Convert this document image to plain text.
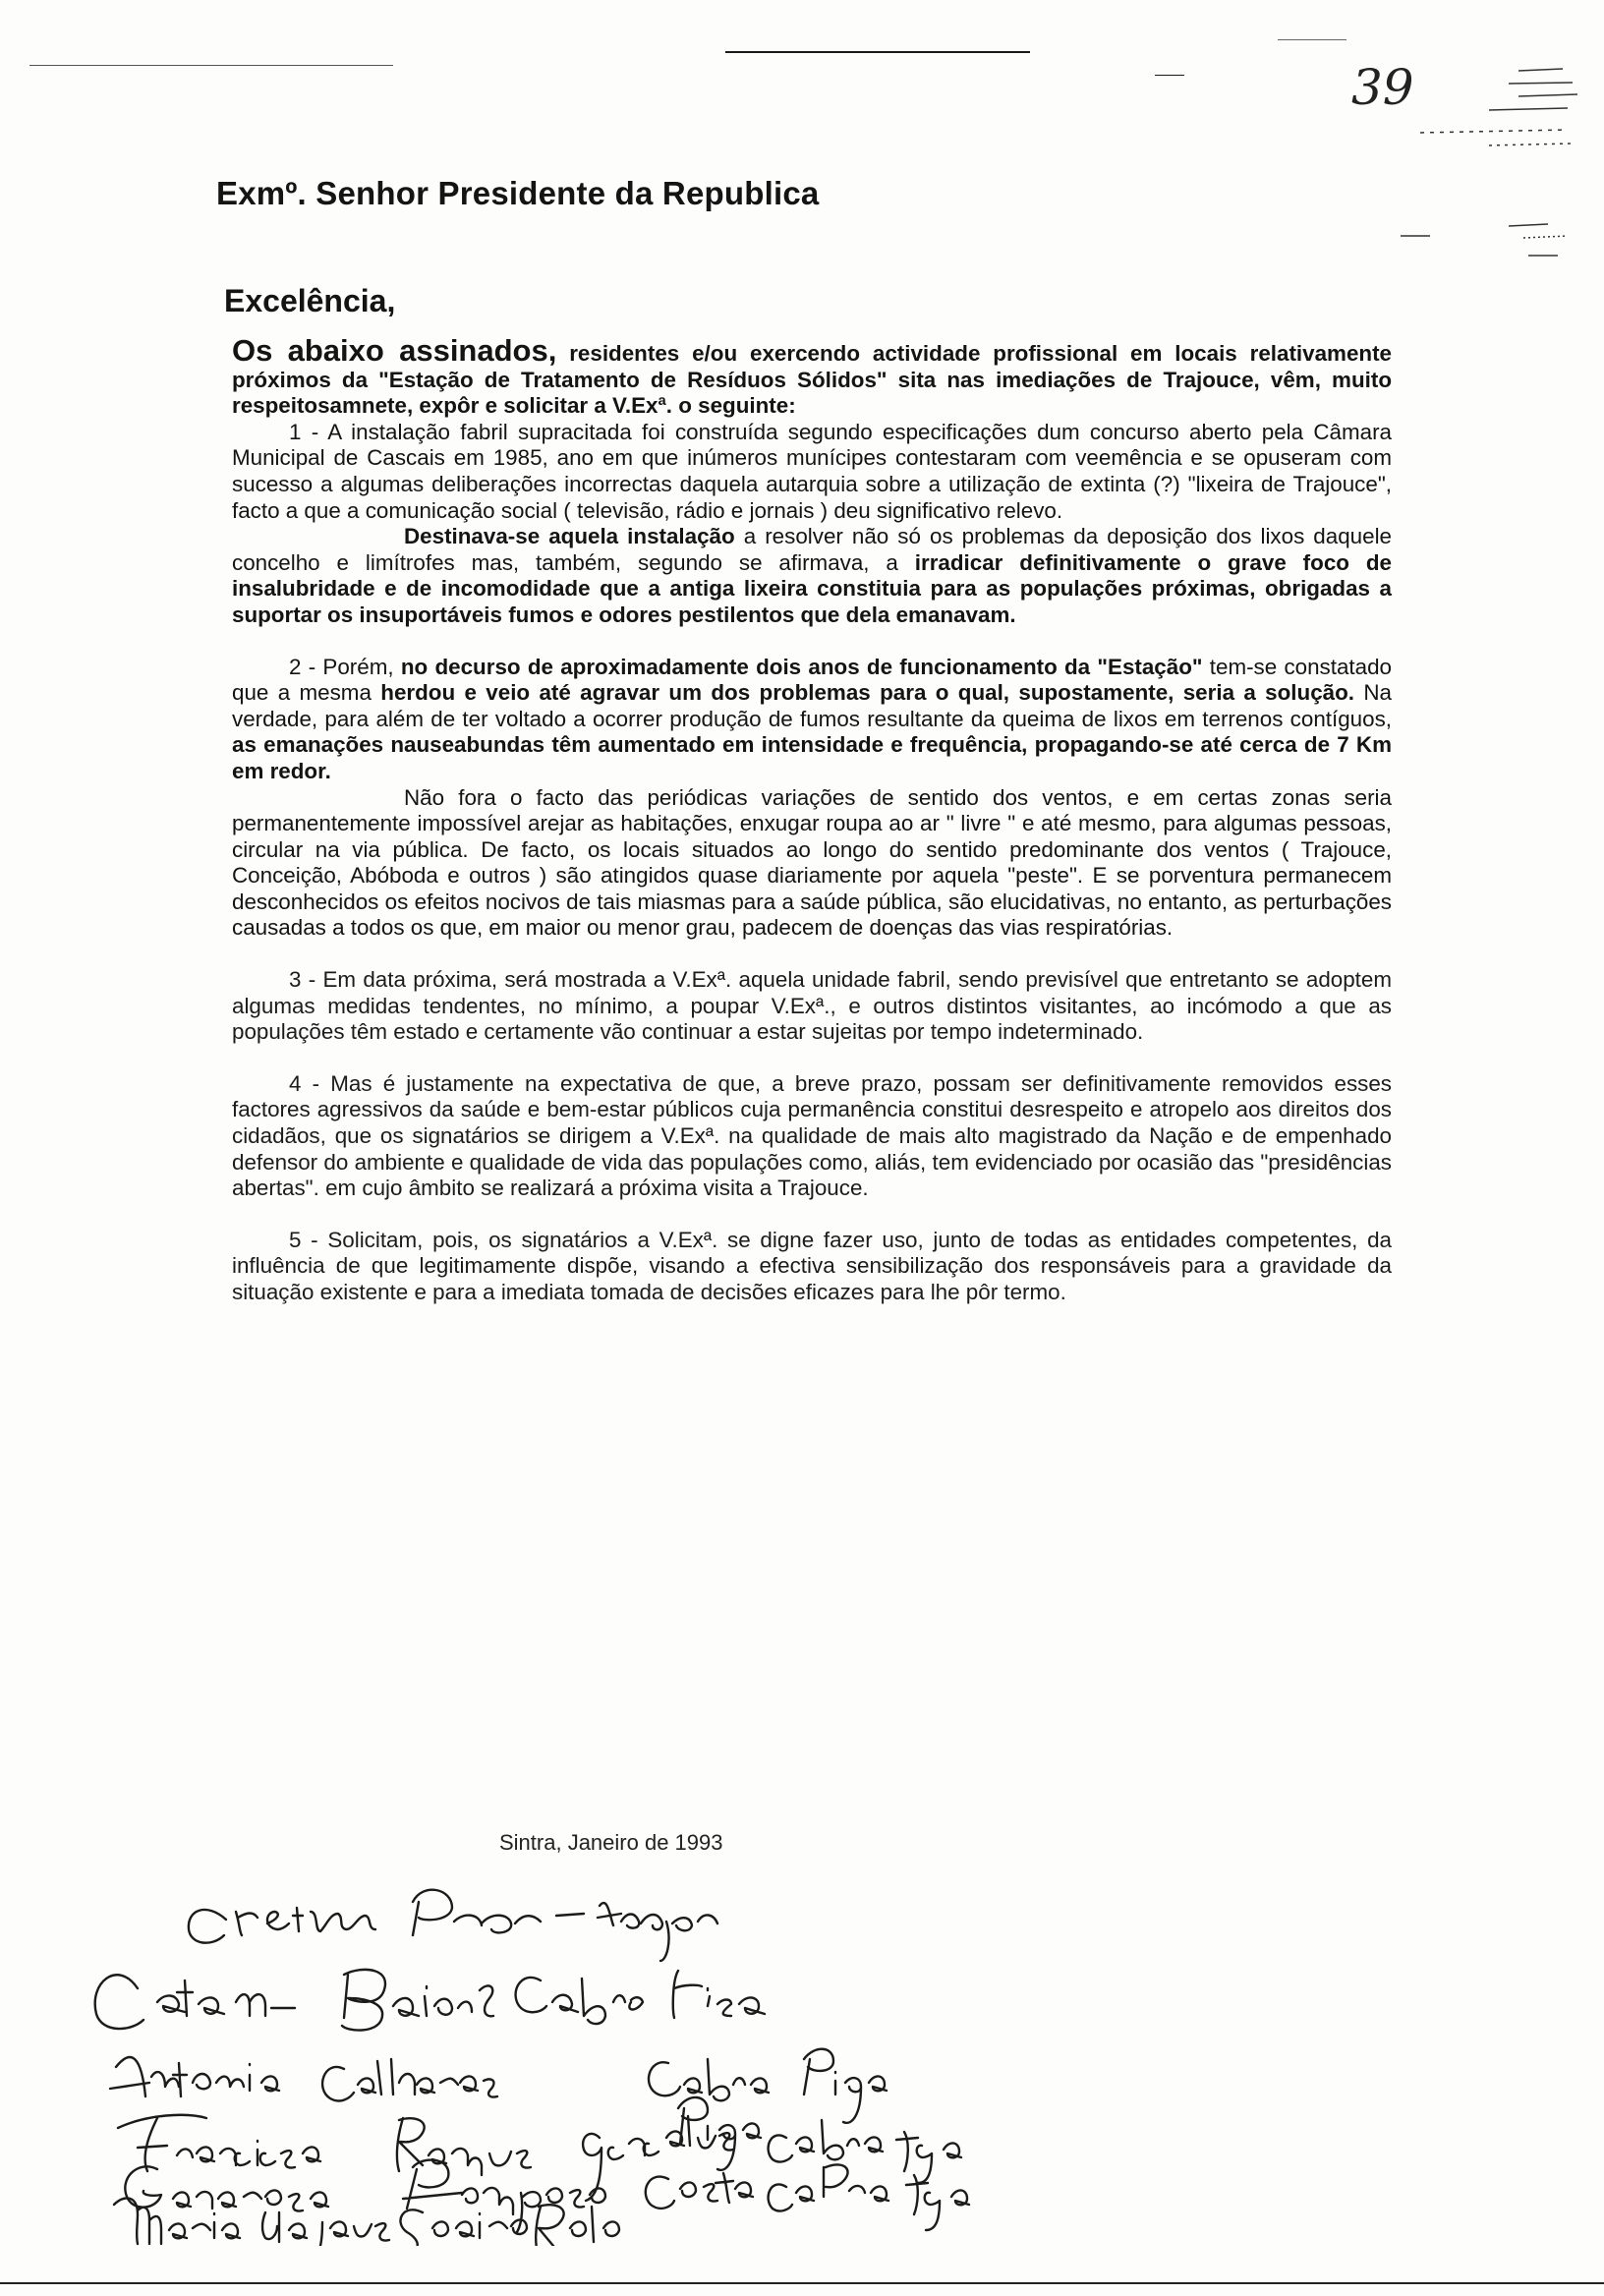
39
Exmº. Senhor Presidente da Republica
Excelência,

Os abaixo assinados, residentes e/ou exercendo actividade profissional em locais relativamente próximos da "Estação de Tratamento de Resíduos Sólidos" sita nas imediações de Trajouce, vêm, muito respeitosamnete, expôr e solicitar a V.Exª. o seguinte:

1 - A instalação fabril supracitada foi construída segundo especificações dum concurso aberto pela Câmara Municipal de Cascais em 1985, ano em que inúmeros munícipes contestaram com veemência e se opuseram com sucesso a algumas deliberações incorrectas daquela autarquia sobre a utilização de extinta (?) "lixeira de Trajouce", facto a que a comunicação social ( televisão, rádio e jornais ) deu significativo relevo.

Destinava-se aquela instalação a resolver não só os problemas da deposição dos lixos daquele concelho e limítrofes mas, também, segundo se afirmava, a irradicar definitivamente o grave foco de insalubridade e de incomodidade que a antiga lixeira constituia para as populações próximas, obrigadas a suportar os insuportáveis fumos e odores pestilentos que dela emanavam.

2 - Porém, no decurso de aproximadamente dois anos de funcionamento da "Estação" tem-se constatado que a mesma herdou e veio até agravar um dos problemas para o qual, supostamente, seria a solução. Na verdade, para além de ter voltado a ocorrer produção de fumos resultante da queima de lixos em terrenos contíguos, as emanações nauseabundas têm aumentado em intensidade e frequência, propagando-se até cerca de 7 Km em redor.

Não fora o facto das periódicas variações de sentido dos ventos, e em certas zonas seria permanentemente impossível arejar as habitações, enxugar roupa ao ar " livre " e até mesmo, para algumas pessoas, circular na via pública. De facto, os locais situados ao longo do sentido predominante dos ventos ( Trajouce, Conceição, Abóboda e outros ) são atingidos quase diariamente por aquela "peste". E se porventura permanecem desconhecidos os efeitos nocivos de tais miasmas para a saúde pública, são elucidativas, no entanto, as perturbações causadas a todos os que, em maior ou menor grau, padecem de doenças das vias respiratórias.

3 - Em data próxima, será mostrada a V.Exª. aquela unidade fabril, sendo previsível que entretanto se adoptem algumas medidas tendentes, no mínimo, a poupar V.Exª., e outros distintos visitantes, ao incómodo a que as populações têm estado e certamente vão continuar a estar sujeitas por tempo indeterminado.

4 - Mas é justamente na expectativa de que, a breve prazo, possam ser definitivamente removidos esses factores agressivos da saúde e bem-estar públicos cuja permanência constitui desrespeito e atropelo aos direitos dos cidadãos, que os signatários se dirigem a V.Exª. na qualidade de mais alto magistrado da Nação e de empenhado defensor do ambiente e qualidade de vida das populações como, aliás, tem evidenciado por ocasião das "presidências abertas". em cujo âmbito se realizará a próxima visita a Trajouce.

5 - Solicitam, pois, os signatários a V.Exª. se digne fazer uso, junto de todas as entidades competentes, da influência de que legitimamente dispõe, visando a efectiva sensibilização dos responsáveis para a gravidade da situação existente e para a imediata tomada de decisões eficazes para lhe pôr termo.

Sintra, Janeiro de 1993
